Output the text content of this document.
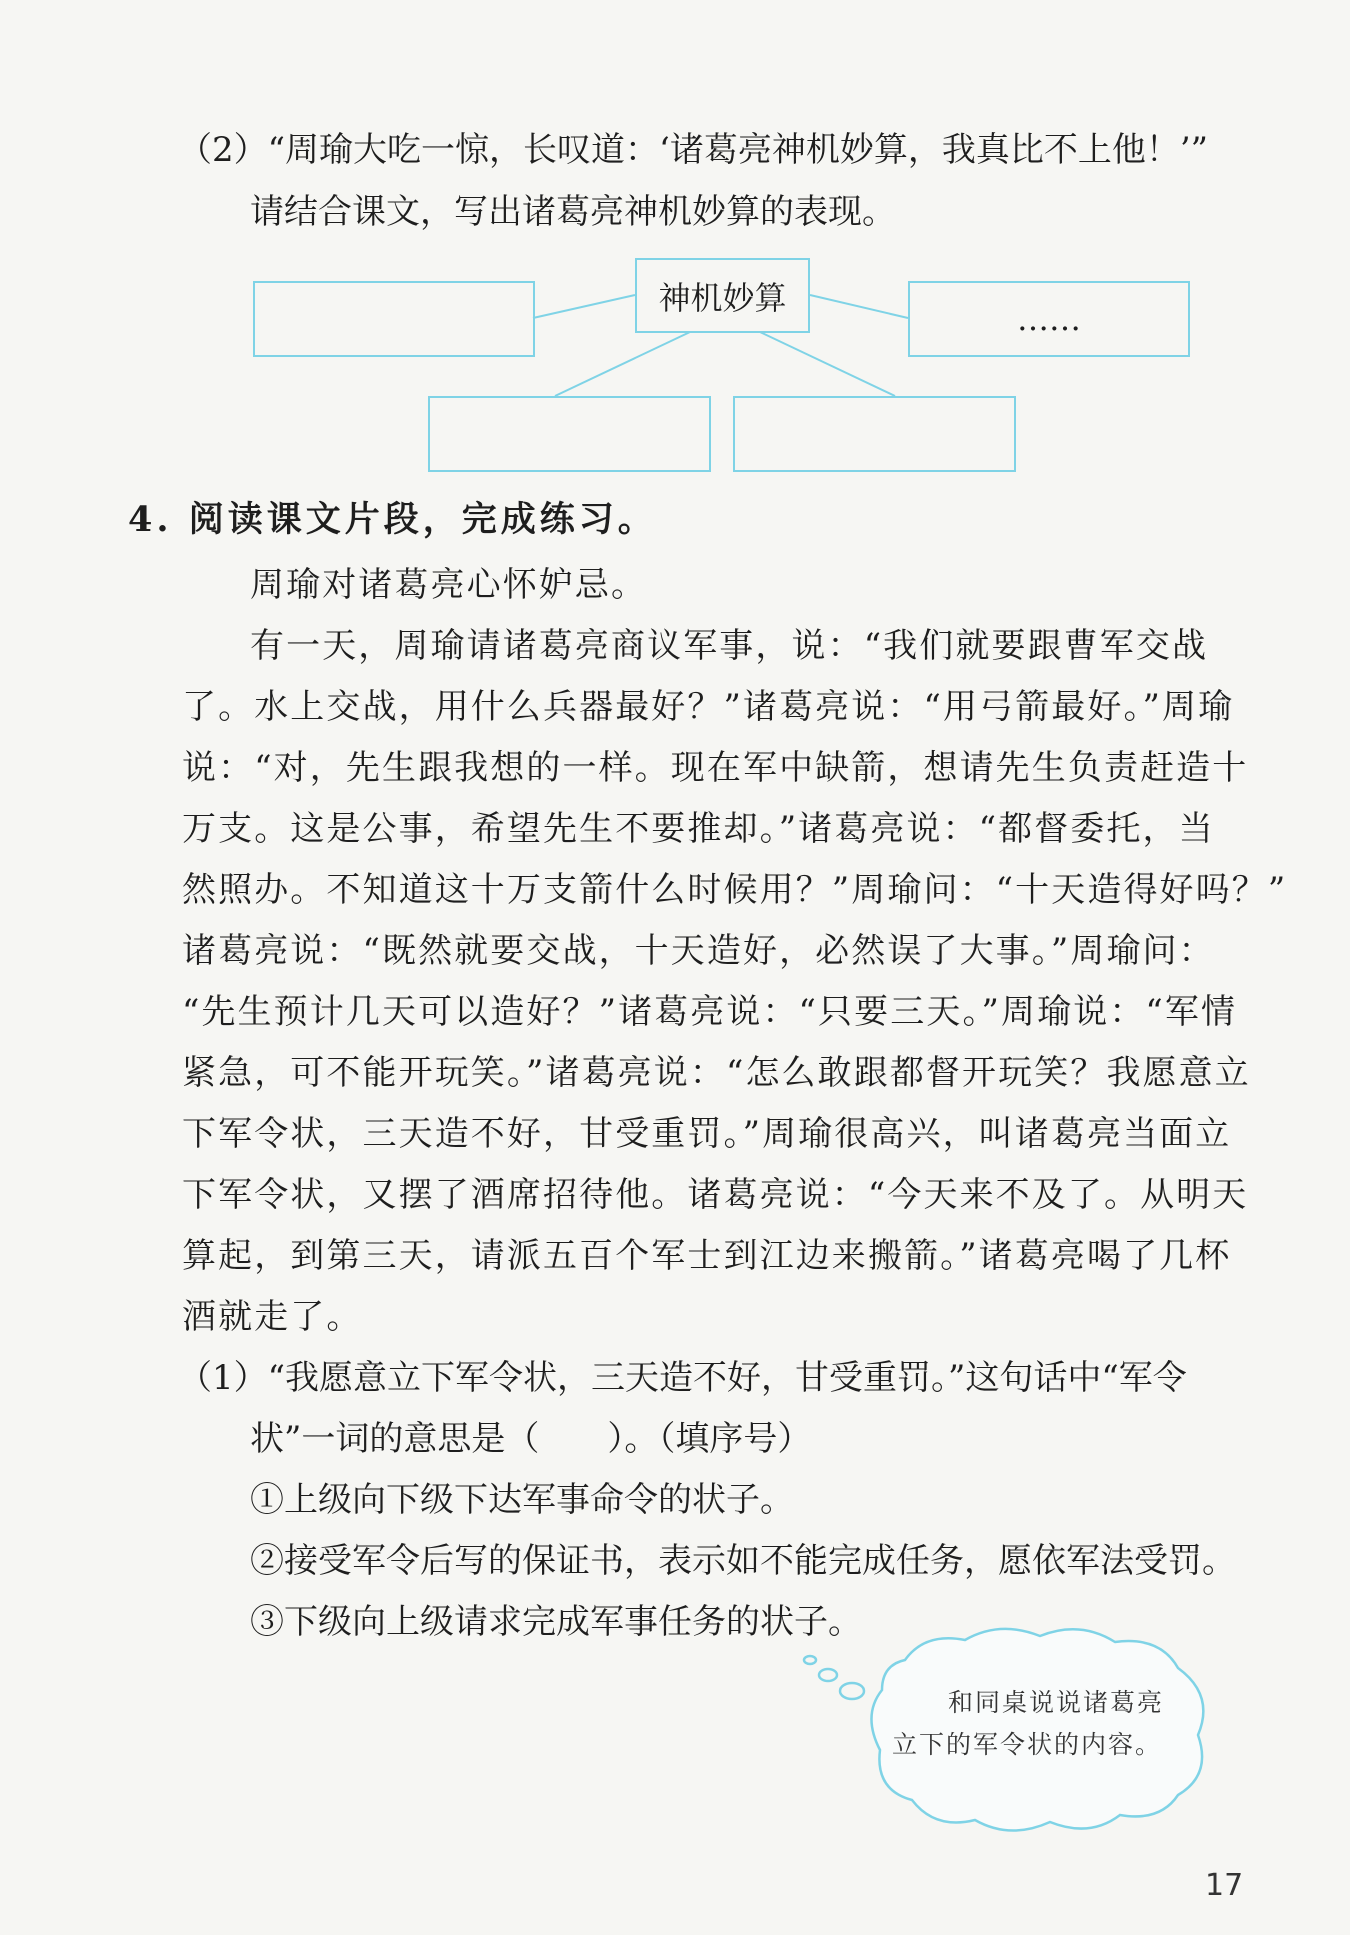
（2）“周瑜大吃一惊，长叹道：‘诸葛亮神机妙算，我真比不上他！’”
请结合课文，写出诸葛亮神机妙算的表现。
神机妙算
……
4. 阅读课文片段，完成练习。
周瑜对诸葛亮心怀妒忌。
有一天，周瑜请诸葛亮商议军事，说：“我们就要跟曹军交战
了。水上交战，用什么兵器最好？”诸葛亮说：“用弓箭最好。”周瑜
说：“对，先生跟我想的一样。现在军中缺箭，想请先生负责赶造十
万支。这是公事，希望先生不要推却。”诸葛亮说：“都督委托，当
然照办。不知道这十万支箭什么时候用？”周瑜问：“十天造得好吗？”
诸葛亮说：“既然就要交战，十天造好，必然误了大事。”周瑜问：
“先生预计几天可以造好？”诸葛亮说：“只要三天。”周瑜说：“军情
紧急，可不能开玩笑。”诸葛亮说：“怎么敢跟都督开玩笑？我愿意立
下军令状，三天造不好，甘受重罚。”周瑜很高兴，叫诸葛亮当面立
下军令状，又摆了酒席招待他。诸葛亮说：“今天来不及了。从明天
算起，到第三天，请派五百个军士到江边来搬箭。”诸葛亮喝了几杯
酒就走了。
（1）“我愿意立下军令状，三天造不好，甘受重罚。”这句话中“军令
状”一词的意思是（　　）。（填序号）
①上级向下级下达军事命令的状子。
②接受军令后写的保证书，表示如不能完成任务，愿依军法受罚。
③下级向上级请求完成军事任务的状子。
和同桌说说诸葛亮
立下的军令状的内容。
17
